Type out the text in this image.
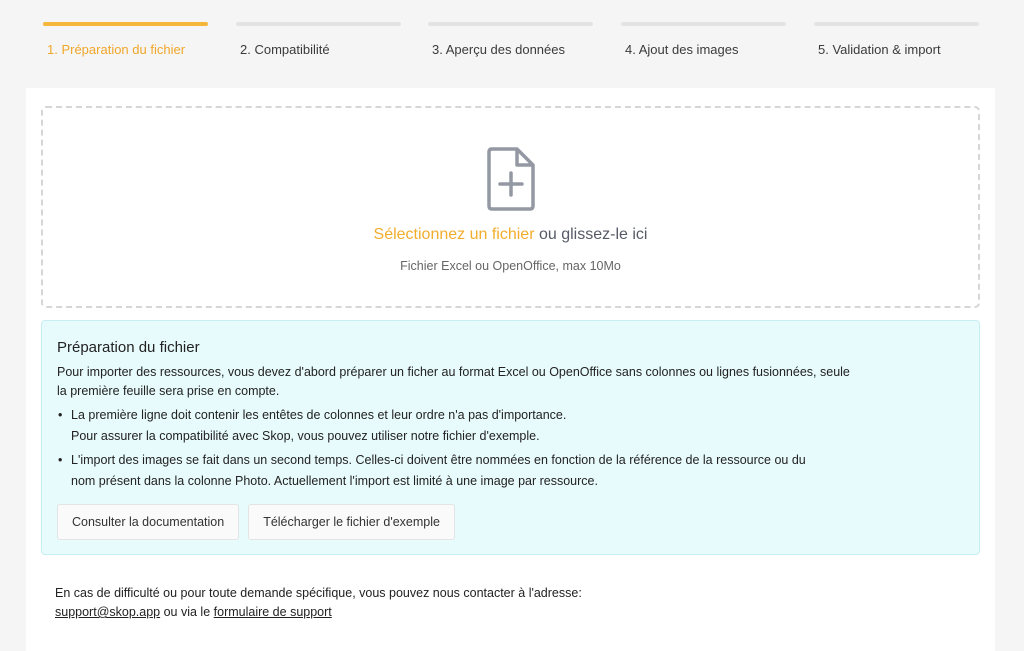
1. Préparation du fichier	2. Compatibilité	3. Aperçu des données	4. Ajout des images	5. Validation & import
Sélectionnez un fichier ou glissez-le ici
Fichier Excel ou OpenOffice, max 10Mo
Préparation du fichier

Pour importer des ressources, vous devez d'abord préparer un ficher au format Excel ou OpenOffice sans colonnes ou lignes fusionnées, seule la première feuille sera prise en compte.

• La première ligne doit contenir les entêtes de colonnes et leur ordre n'a pas d'importance.
Pour assurer la compatibilité avec Skop, vous pouvez utiliser notre fichier d'exemple.
• L'import des images se fait dans un second temps. Celles-ci doivent être nommées en fonction de la référence de la ressource ou du
nom présent dans la colonne Photo. Actuellement l'import est limité à une image par ressource.
Consulter la documentation	Télécharger le fichier d'exemple
En cas de difficulté ou pour toute demande spécifique, vous pouvez nous contacter à l'adresse:
support@skop.app ou via le formulaire de support
